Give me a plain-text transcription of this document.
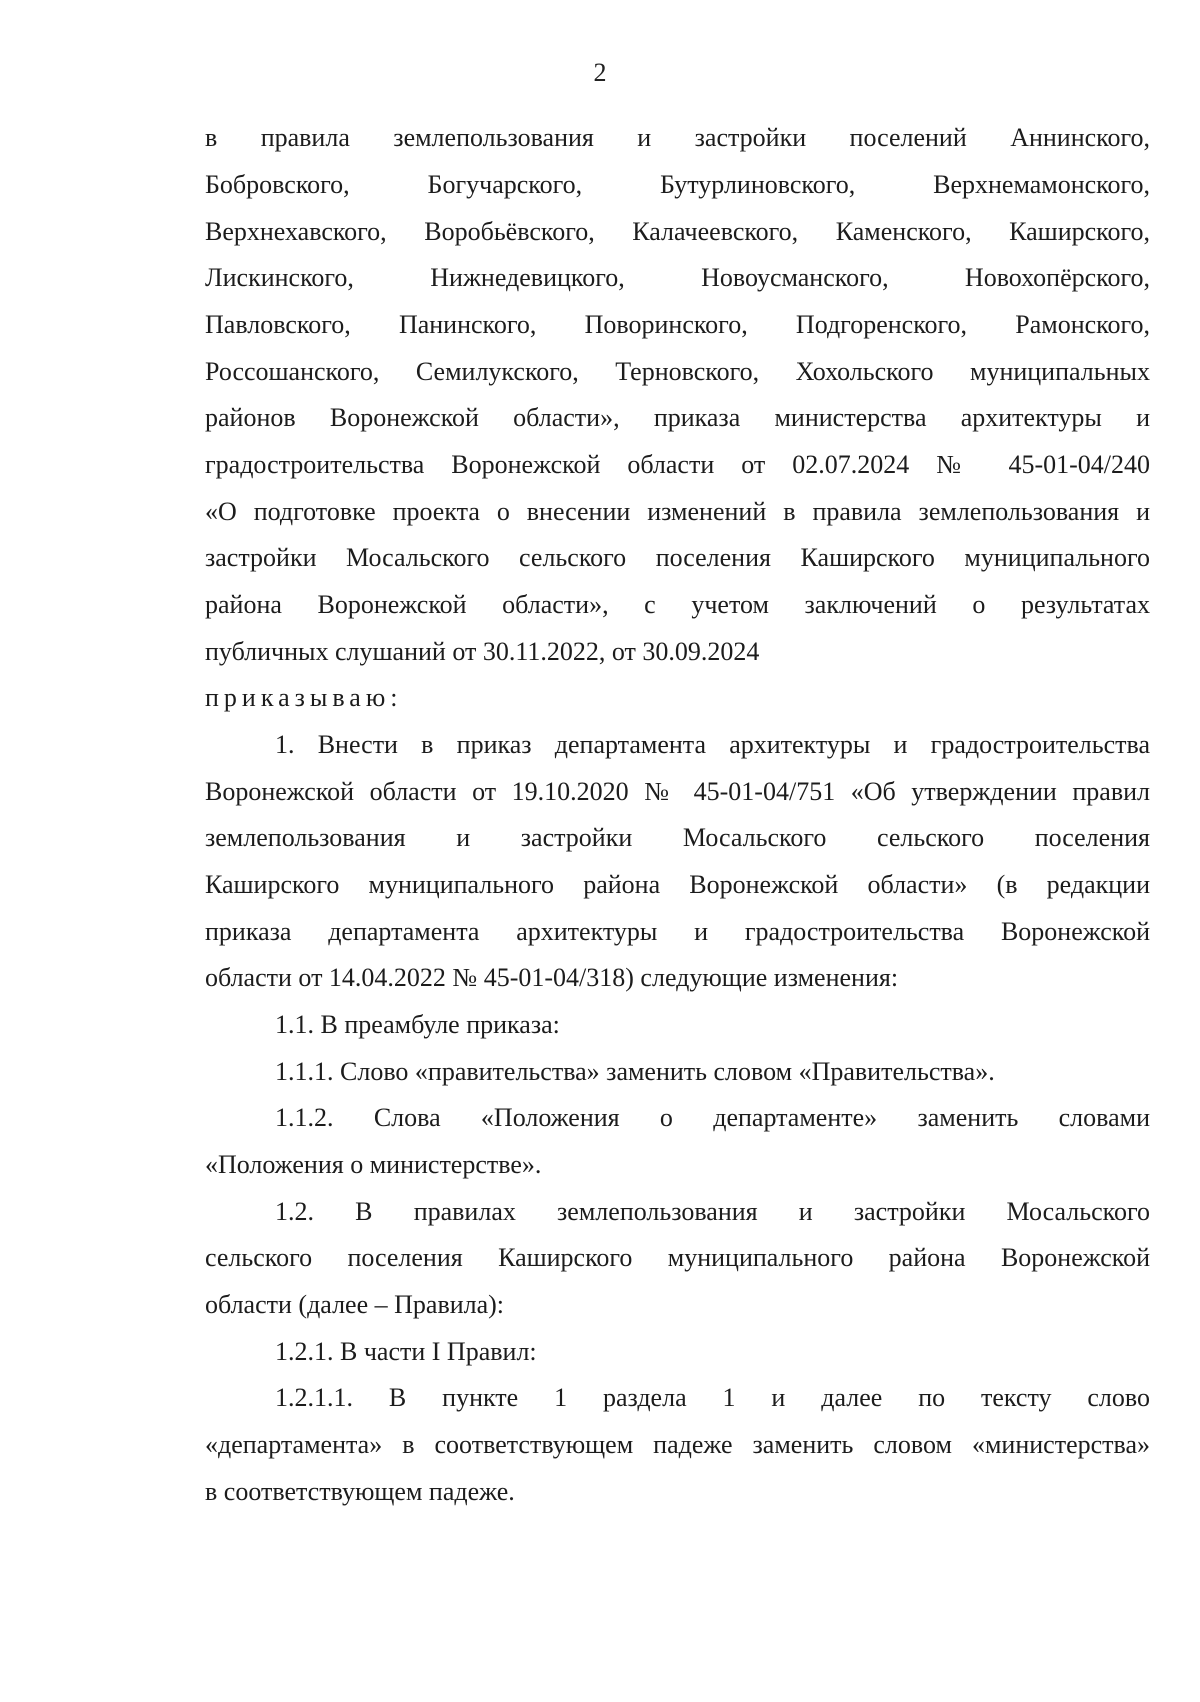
2
в правила землепользования и застройки поселений Аннинского,
Бобровского, Богучарского, Бутурлиновского, Верхнемамонского,
Верхнехавского, Воробьёвского, Калачеевского, Каменского, Каширского,
Лискинского, Нижнедевицкого, Новоусманского, Новохопёрского,
Павловского, Панинского, Поворинского, Подгоренского, Рамонского,
Россошанского, Семилукского, Терновского, Хохольского муниципальных
районов Воронежской области», приказа министерства архитектуры и
градостроительства Воронежской области от 02.07.2024 № 45-01-04/240
«О подготовке проекта о внесении изменений в правила землепользования и
застройки Мосальского сельского поселения Каширского муниципального
района Воронежской области», с учетом заключений о результатах
публичных слушаний от 30.11.2022, от 30.09.2024
приказываю:
1. Внести в приказ департамента архитектуры и градостроительства
Воронежской области от 19.10.2020 № 45-01-04/751 «Об утверждении правил
землепользования и застройки Мосальского сельского поселения
Каширского муниципального района Воронежской области» (в редакции
приказа департамента архитектуры и градостроительства Воронежской
области от 14.04.2022 № 45-01-04/318) следующие изменения:
1.1. В преамбуле приказа:
1.1.1. Слово «правительства» заменить словом «Правительства».
1.1.2. Слова «Положения о департаменте» заменить словами
«Положения о министерстве».
1.2. В правилах землепользования и застройки Мосальского
сельского поселения Каширского муниципального района Воронежской
области (далее – Правила):
1.2.1. В части I Правил:
1.2.1.1. В пункте 1 раздела 1 и далее по тексту слово
«департамента» в соответствующем падеже заменить словом «министерства»
в соответствующем падеже.
